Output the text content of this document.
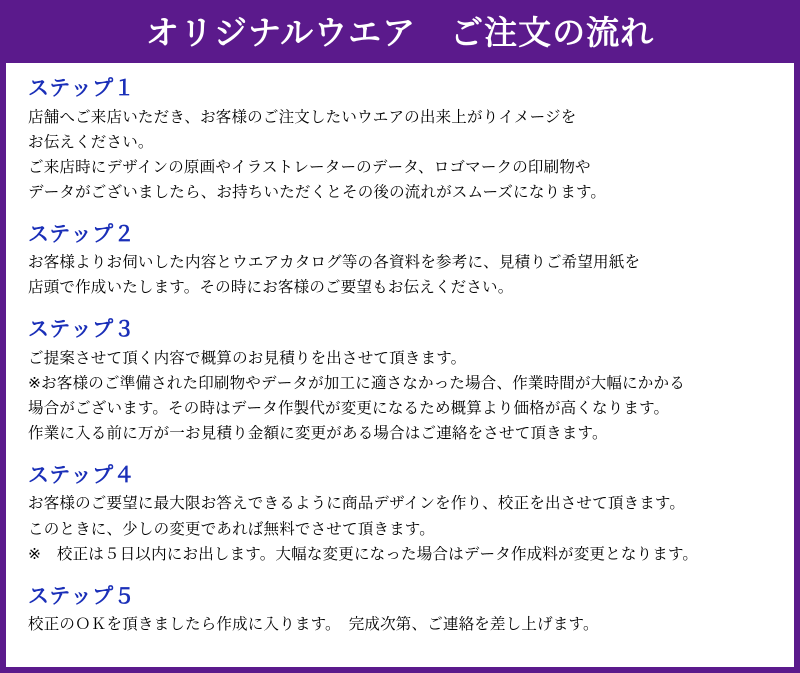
オリジナルウエア　ご注文の流れ
ステップ１
店舗へご来店いただき、お客様のご注文したいウエアの出来上がりイメージを
お伝えください。
ご来店時にデザインの原画やイラストレーターのデータ、ロゴマークの印刷物や
データがございましたら、お持ちいただくとその後の流れがスムーズになります。
ステップ２
お客様よりお伺いした内容とウエアカタログ等の各資料を参考に、見積りご希望用紙を
店頭で作成いたします。その時にお客様のご要望もお伝えください。
ステップ３
ご提案させて頂く内容で概算のお見積りを出させて頂きます。
※お客様のご準備された印刷物やデータが加工に適さなかった場合、作業時間が大幅にかかる
場合がございます。その時はデータ作製代が変更になるため概算より価格が高くなります。
作業に入る前に万が一お見積り金額に変更がある場合はご連絡をさせて頂きます。
ステップ４
お客様のご要望に最大限お答えできるように商品デザインを作り、校正を出させて頂きます。
このときに、少しの変更であれば無料でさせて頂きます。
※　校正は５日以内にお出します。大幅な変更になった場合はデータ作成料が変更となります。
ステップ５
校正のＯＫを頂きましたら作成に入ります。　完成次第、ご連絡を差し上げます。
